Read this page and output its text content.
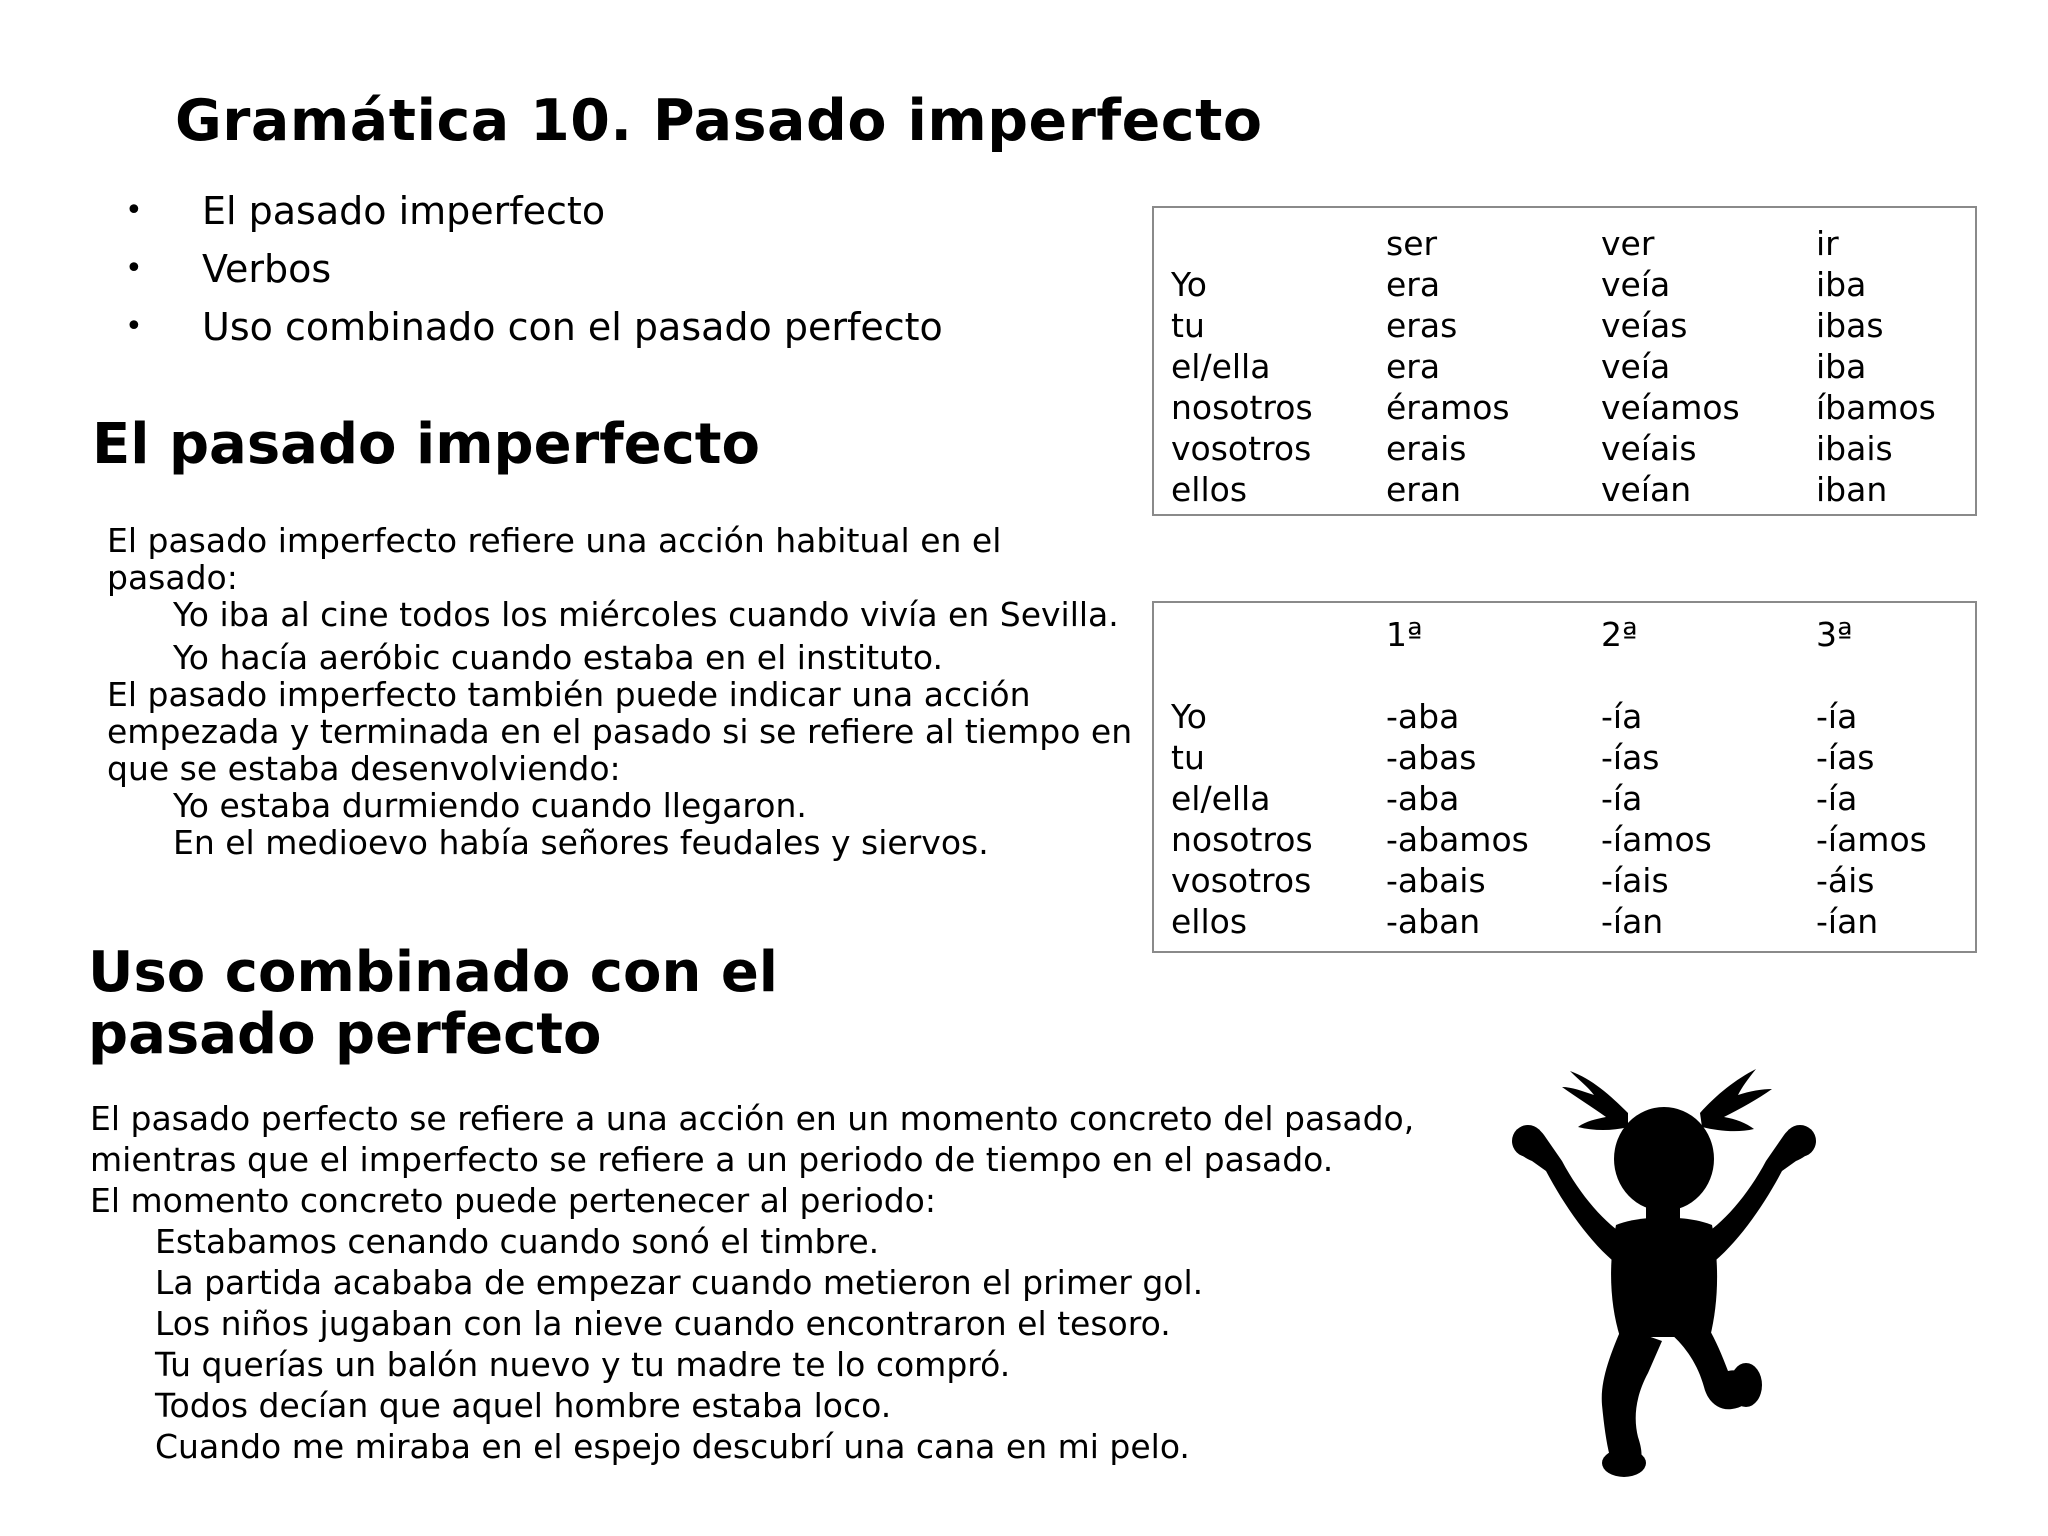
Gramática 10. Pasado imperfecto
• El pasado imperfecto
• Verbos
• Uso combinado con el pasado perfecto
El pasado imperfecto
El pasado imperfecto refiere una acción habitual en el
pasado:
Yo iba al cine todos los miércoles cuando vivía en Sevilla.
Yo hacía aeróbic cuando estaba en el instituto.
El pasado imperfecto también puede indicar una acción
empezada y terminada en el pasado si se refiere al tiempo en
que se estaba desenvolviendo:
Yo estaba durmiendo cuando llegaron.
En el medioevo había señores feudales y siervos.
Uso combinado con el
pasado perfecto
El pasado perfecto se refiere a una acción en un momento concreto del pasado,
mientras que el imperfecto se refiere a un periodo de tiempo en el pasado.
El momento concreto puede pertenecer al periodo:
Estabamos cenando cuando sonó el timbre.
La partida acababa de empezar cuando metieron el primer gol.
Los niños jugaban con la nieve cuando encontraron el tesoro.
Tu querías un balón nuevo y tu madre te lo compró.
Todos decían que aquel hombre estaba loco.
Cuando me miraba en el espejo descubrí una cana en mi pelo.
	ser	ver	ir
Yo	era	veía	iba
tu	eras	veías	ibas
el/ella	era	veía	iba
nosotros	éramos	veíamos	íbamos
vosotros	erais	veíais	ibais
ellos	eran	veían	iban
	1ª	2ª	3ª

Yo	-aba	-ía	-ía
tu	-abas	-ías	-ías
el/ella	-aba	-ía	-ía
nosotros	-abamos	-íamos	-íamos
vosotros	-abais	-íais	-áis
ellos	-aban	-ían	-ían
